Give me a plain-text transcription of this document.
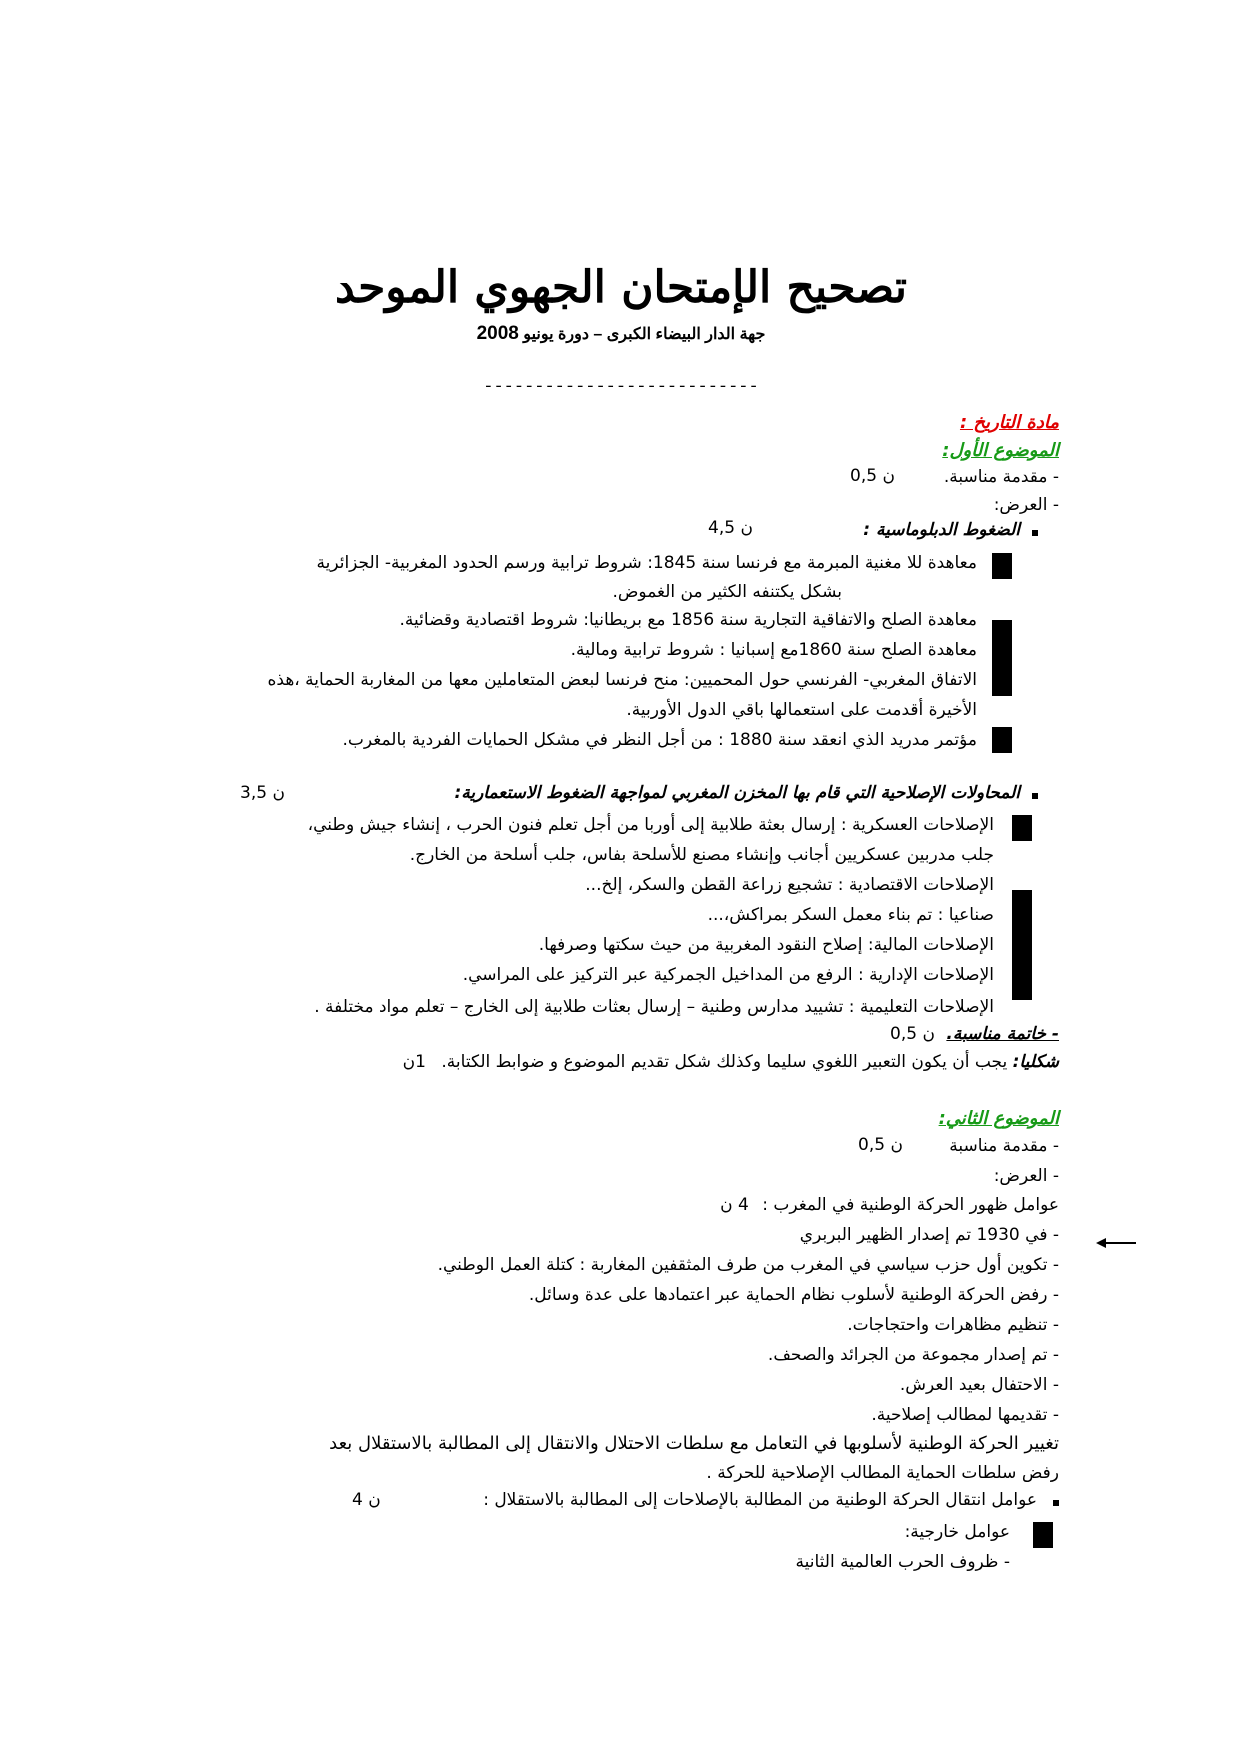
تصحيح الإمتحان الجهوي الموحد
جهة الدار البيضاء الكبرى – دورة يونيو 2008
---------------------------
مادة التاريخ :
الموضوع الأول:
- مقدمة مناسبة.
0,5 ن
- العرض:
الضغوط الدبلوماسية :
4,5 ن
معاهدة للا مغنية المبرمة مع فرنسا سنة 1845: شروط ترابية ورسم الحدود المغربية- الجزائرية
بشكل يكتنفه الكثير من الغموض.
معاهدة الصلح والاتفاقية التجارية سنة 1856 مع بريطانيا: شروط اقتصادية وقضائية.
معاهدة الصلح سنة 1860مع إسبانيا : شروط ترابية ومالية.
الاتفاق المغربي- الفرنسي حول المحميين: منح فرنسا لبعض المتعاملين معها من المغاربة الحماية ،هذه
الأخيرة أقدمت على استعمالها باقي الدول الأوربية.
مؤتمر مدريد الذي انعقد سنة 1880 : من أجل النظر في مشكل الحمايات الفردية بالمغرب.
المحاولات الإصلاحية التي قام بها المخزن المغربي لمواجهة الضغوط الاستعمارية:
3,5 ن
الإصلاحات العسكرية : إرسال بعثة طلابية إلى أوربا من أجل تعلم فنون الحرب ، إنشاء جيش وطني،
جلب مدربين عسكريين أجانب وإنشاء مصنع للأسلحة بفاس، جلب أسلحة من الخارج.
الإصلاحات الاقتصادية : تشجيع زراعة القطن والسكر، إلخ...
صناعيا : تم بناء معمل السكر بمراكش،...
الإصلاحات المالية: إصلاح النقود المغربية من حيث سكتها وصرفها.
الإصلاحات الإدارية : الرفع من المداخيل الجمركية عبر التركيز على المراسي.
الإصلاحات التعليمية : تشييد مدارس وطنية – إرسال بعثات طلابية إلى الخارج – تعلم مواد مختلفة .
- خاتمة مناسبة.
0,5 ن
شكليا: يجب أن يكون التعبير اللغوي سليما وكذلك شكل تقديم الموضوع و ضوابط الكتابة. 1ن
الموضوع الثاني:
- مقدمة مناسبة
0,5 ن
- العرض:
عوامل ظهور الحركة الوطنية في المغرب : 4 ن
- في 1930 تم إصدار الظهير البربري
- تكوين أول حزب سياسي في المغرب من طرف المثقفين المغاربة : كتلة العمل الوطني.
- رفض الحركة الوطنية لأسلوب نظام الحماية عبر اعتمادها على عدة وسائل.
- تنظيم مظاهرات واحتجاجات.
- تم إصدار مجموعة من الجرائد والصحف.
- الاحتفال بعيد العرش.
- تقديمها لمطالب إصلاحية.
تغيير الحركة الوطنية لأسلوبها في التعامل مع سلطات الاحتلال والانتقال إلى المطالبة بالاستقلال بعد
رفض سلطات الحماية المطالب الإصلاحية للحركة .
عوامل انتقال الحركة الوطنية من المطالبة بالإصلاحات إلى المطالبة بالاستقلال :
4 ن
عوامل خارجية:
- ظروف الحرب العالمية الثانية
